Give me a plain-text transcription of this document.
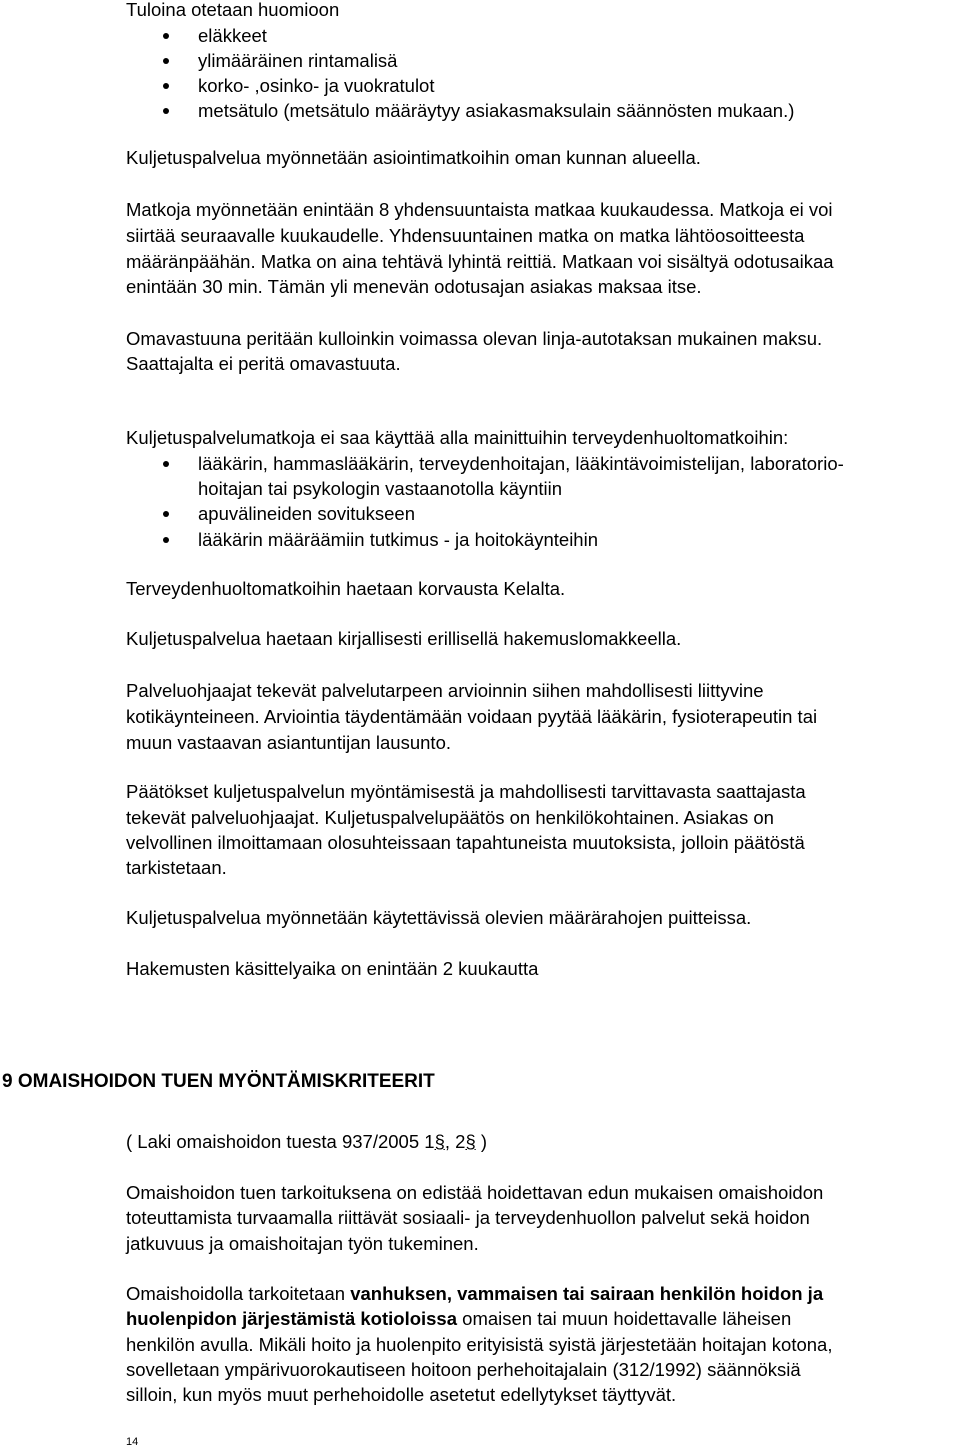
Tuloina otetaan huomioon
eläkkeet
ylimääräinen rintamalisä
korko- ,osinko- ja vuokratulot
metsätulo (metsätulo määräytyy asiakasmaksulain säännösten mukaan.)
Kuljetuspalvelua myönnetään asiointimatkoihin oman kunnan alueella.
Matkoja myönnetään enintään 8 yhdensuuntaista matkaa kuukaudessa. Matkoja ei voi
siirtää seuraavalle kuukaudelle. Yhdensuuntainen matka on matka lähtöosoitteesta
määränpäähän. Matka on aina tehtävä lyhintä reittiä. Matkaan voi sisältyä odotusaikaa
enintään 30 min. Tämän yli menevän odotusajan asiakas maksaa itse.
Omavastuuna peritään kulloinkin voimassa olevan linja-autotaksan mukainen maksu.
Saattajalta ei peritä omavastuuta.
Kuljetuspalvelumatkoja ei saa käyttää alla mainittuihin terveydenhuoltomatkoihin:
lääkärin, hammaslääkärin, terveydenhoitajan, lääkintävoimistelijan, laboratorio-
hoitajan tai psykologin vastaanotolla käyntiin
apuvälineiden sovitukseen
lääkärin määräämiin tutkimus - ja hoitokäynteihin
Terveydenhuoltomatkoihin haetaan korvausta Kelalta.
Kuljetuspalvelua haetaan kirjallisesti erillisellä hakemuslomakkeella.
Palveluohjaajat tekevät palvelutarpeen arvioinnin siihen mahdollisesti liittyvine
kotikäynteineen. Arviointia täydentämään voidaan pyytää lääkärin, fysioterapeutin tai
muun vastaavan asiantuntijan lausunto.
Päätökset kuljetuspalvelun myöntämisestä ja mahdollisesti tarvittavasta saattajasta
tekevät palveluohjaajat. Kuljetuspalvelupäätös on henkilökohtainen. Asiakas on
velvollinen ilmoittamaan olosuhteissaan tapahtuneista muutoksista, jolloin päätöstä
tarkistetaan.
Kuljetuspalvelua myönnetään käytettävissä olevien määrärahojen puitteissa.
Hakemusten käsittelyaika on enintään 2 kuukautta
9 OMAISHOIDON TUEN MYÖNTÄMISKRITEERIT
( Laki omaishoidon tuesta 937/2005 1§, 2§ )
Omaishoidon tuen tarkoituksena on edistää hoidettavan edun mukaisen omaishoidon
toteuttamista turvaamalla riittävät sosiaali- ja terveydenhuollon palvelut sekä hoidon
jatkuvuus ja omaishoitajan työn tukeminen.
Omaishoidolla tarkoitetaan vanhuksen, vammaisen tai sairaan henkilön hoidon ja
huolenpidon järjestämistä kotioloissa omaisen tai muun hoidettavalle läheisen
henkilön avulla. Mikäli hoito ja huolenpito erityisistä syistä järjestetään hoitajan kotona,
sovelletaan ympärivuorokautiseen hoitoon perhehoitajalain (312/1992) säännöksiä
silloin, kun myös muut perhehoidolle asetetut edellytykset täyttyvät.
14
